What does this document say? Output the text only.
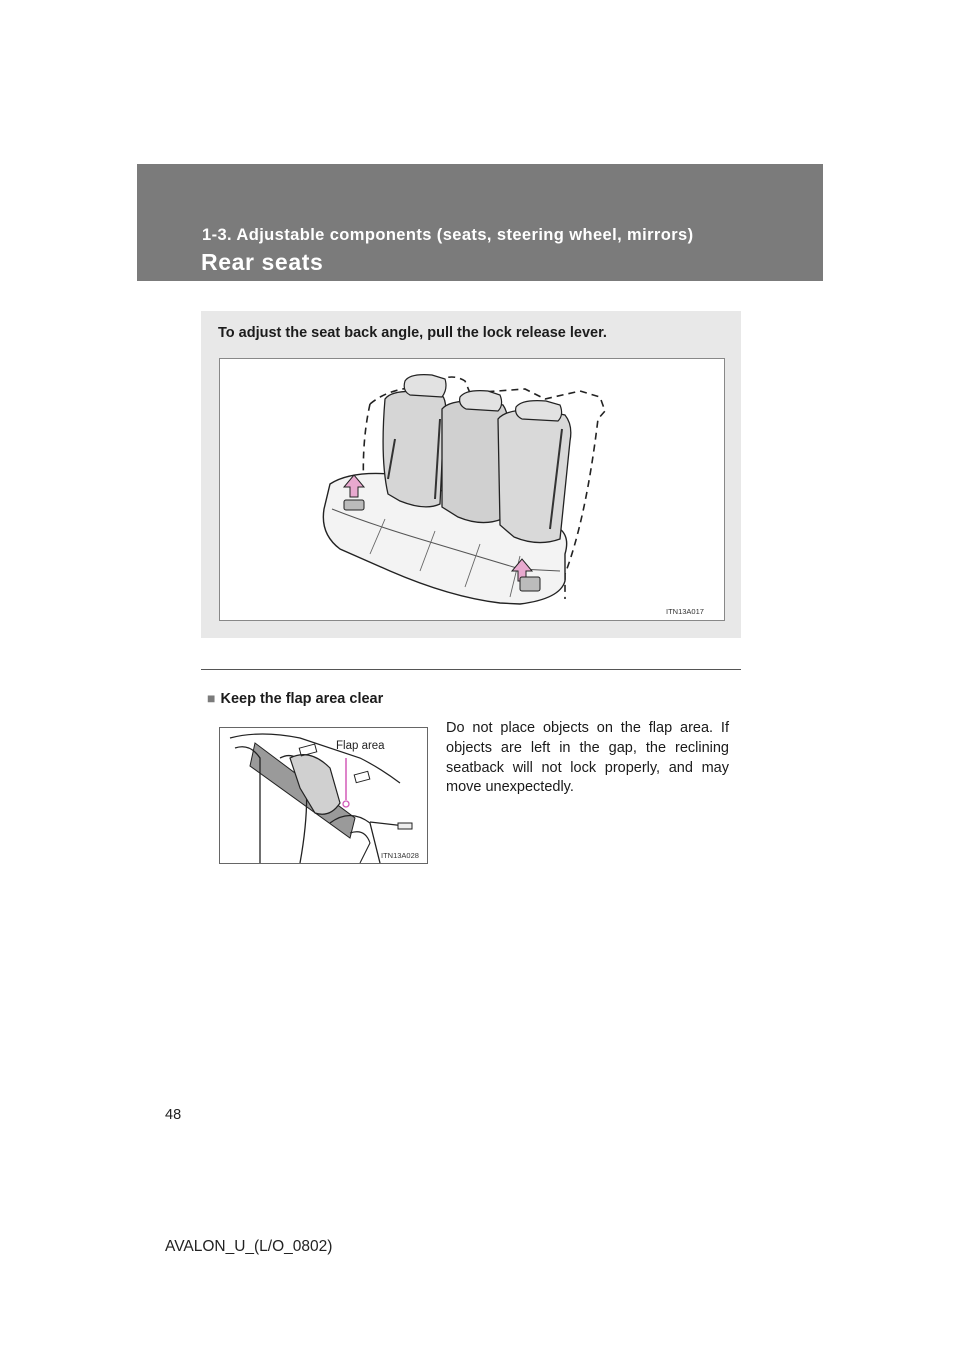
1-3. Adjustable components (seats, steering wheel, mirrors)
Rear seats
To adjust the seat back angle, pull the lock release lever.
ITN13A017
■ Keep the flap area clear
Flap area
ITN13A028
Do not place objects on the flap area. If objects are left in the gap, the reclining seatback will not lock properly, and may move unexpectedly.
48
AVALON_U_(L/O_0802)
